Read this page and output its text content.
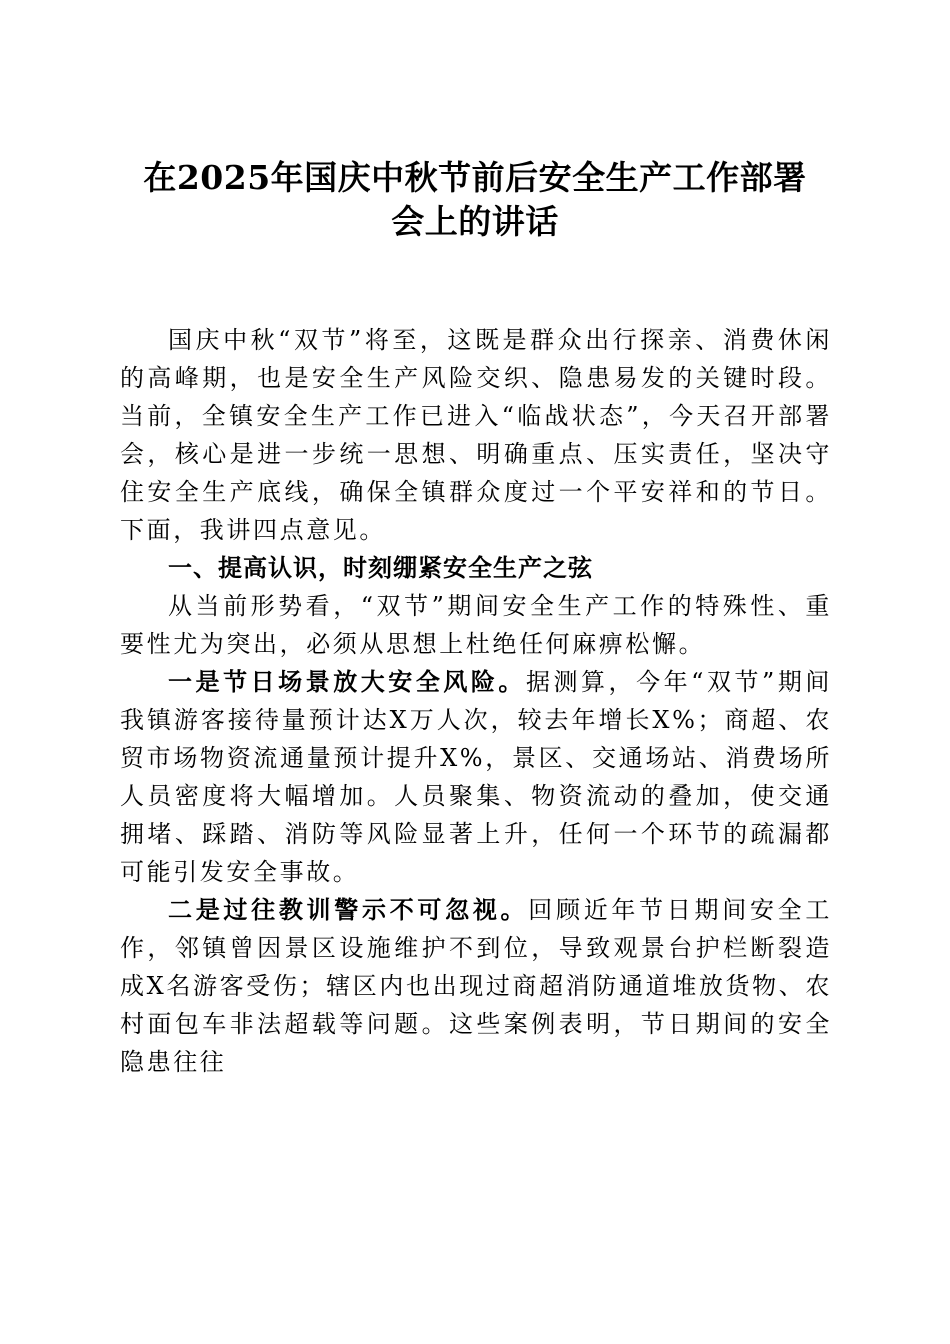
在2025年国庆中秋节前后安全生产工作部署
会上的讲话

国庆中秋“双节”将至，这既是群众出行探亲、消费休闲的高峰期，也是安全生产风险交织、隐患易发的关键时段。当前，全镇安全生产工作已进入“临战状态”，今天召开部署会，核心是进一步统一思想、明确重点、压实责任，坚决守住安全生产底线，确保全镇群众度过一个平安祥和的节日。下面，我讲四点意见。

一、提高认识，时刻绷紧安全生产之弦

从当前形势看，“双节”期间安全生产工作的特殊性、重要性尤为突出，必须从思想上杜绝任何麻痹松懈。

一是节日场景放大安全风险。据测算，今年“双节”期间我镇游客接待量预计达X万人次，较去年增长X%；商超、农贸市场物资流通量预计提升X%，景区、交通场站、消费场所人员密度将大幅增加。人员聚集、物资流动的叠加，使交通拥堵、踩踏、消防等风险显著上升，任何一个环节的疏漏都可能引发安全事故。

二是过往教训警示不可忽视。回顾近年节日期间安全工作，邻镇曾因景区设施维护不到位，导致观景台护栏断裂造成X名游客受伤；辖区内也出现过商超消防通道堆放货物、农村面包车非法超载等问题。这些案例表明，节日期间的安全隐患往往
